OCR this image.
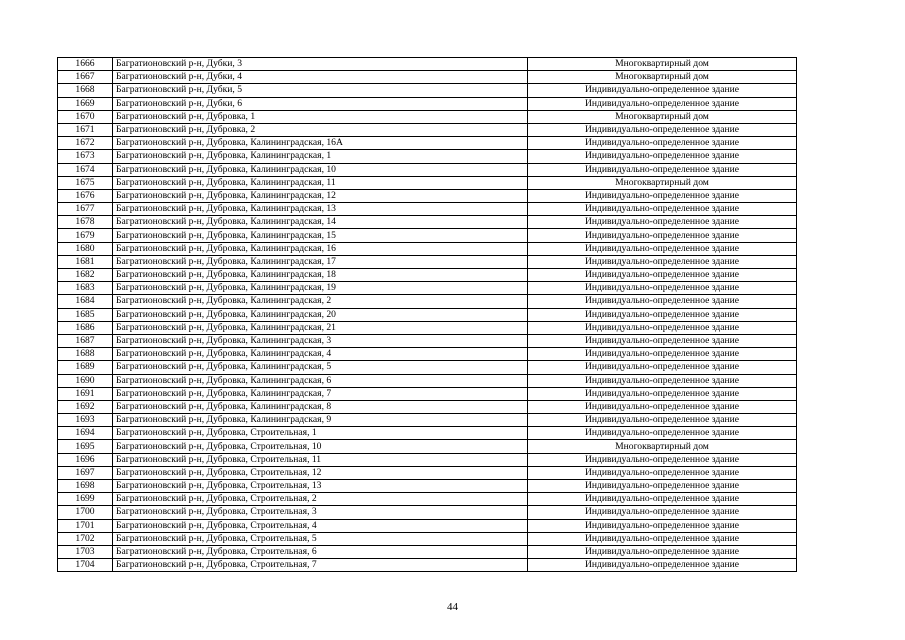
1666	Багратионовский р-н, Дубки, 3	Многоквартирный дом
1667	Багратионовский р-н, Дубки, 4	Многоквартирный дом
1668	Багратионовский р-н, Дубки, 5	Индивидуально-определенное здание
1669	Багратионовский р-н, Дубки, 6	Индивидуально-определенное здание
1670	Багратионовский р-н, Дубровка, 1	Многоквартирный дом
1671	Багратионовский р-н, Дубровка, 2	Индивидуально-определенное здание
1672	Багратионовский р-н, Дубровка, Калининградская, 16А	Индивидуально-определенное здание
1673	Багратионовский р-н, Дубровка, Калининградская, 1	Индивидуально-определенное здание
1674	Багратионовский р-н, Дубровка, Калининградская, 10	Индивидуально-определенное здание
1675	Багратионовский р-н, Дубровка, Калининградская, 11	Многоквартирный дом
1676	Багратионовский р-н, Дубровка, Калининградская, 12	Индивидуально-определенное здание
1677	Багратионовский р-н, Дубровка, Калининградская, 13	Индивидуально-определенное здание
1678	Багратионовский р-н, Дубровка, Калининградская, 14	Индивидуально-определенное здание
1679	Багратионовский р-н, Дубровка, Калининградская, 15	Индивидуально-определенное здание
1680	Багратионовский р-н, Дубровка, Калининградская, 16	Индивидуально-определенное здание
1681	Багратионовский р-н, Дубровка, Калининградская, 17	Индивидуально-определенное здание
1682	Багратионовский р-н, Дубровка, Калининградская, 18	Индивидуально-определенное здание
1683	Багратионовский р-н, Дубровка, Калининградская, 19	Индивидуально-определенное здание
1684	Багратионовский р-н, Дубровка, Калининградская, 2	Индивидуально-определенное здание
1685	Багратионовский р-н, Дубровка, Калининградская, 20	Индивидуально-определенное здание
1686	Багратионовский р-н, Дубровка, Калининградская, 21	Индивидуально-определенное здание
1687	Багратионовский р-н, Дубровка, Калининградская, 3	Индивидуально-определенное здание
1688	Багратионовский р-н, Дубровка, Калининградская, 4	Индивидуально-определенное здание
1689	Багратионовский р-н, Дубровка, Калининградская, 5	Индивидуально-определенное здание
1690	Багратионовский р-н, Дубровка, Калининградская, 6	Индивидуально-определенное здание
1691	Багратионовский р-н, Дубровка, Калининградская, 7	Индивидуально-определенное здание
1692	Багратионовский р-н, Дубровка, Калининградская, 8	Индивидуально-определенное здание
1693	Багратионовский р-н, Дубровка, Калининградская, 9	Индивидуально-определенное здание
1694	Багратионовский р-н, Дубровка, Строительная, 1	Индивидуально-определенное здание
1695	Багратионовский р-н, Дубровка, Строительная, 10	Многоквартирный дом
1696	Багратионовский р-н, Дубровка, Строительная, 11	Индивидуально-определенное здание
1697	Багратионовский р-н, Дубровка, Строительная, 12	Индивидуально-определенное здание
1698	Багратионовский р-н, Дубровка, Строительная, 13	Индивидуально-определенное здание
1699	Багратионовский р-н, Дубровка, Строительная, 2	Индивидуально-определенное здание
1700	Багратионовский р-н, Дубровка, Строительная, 3	Индивидуально-определенное здание
1701	Багратионовский р-н, Дубровка, Строительная, 4	Индивидуально-определенное здание
1702	Багратионовский р-н, Дубровка, Строительная, 5	Индивидуально-определенное здание
1703	Багратионовский р-н, Дубровка, Строительная, 6	Индивидуально-определенное здание
1704	Багратионовский р-н, Дубровка, Строительная, 7	Индивидуально-определенное здание
44
